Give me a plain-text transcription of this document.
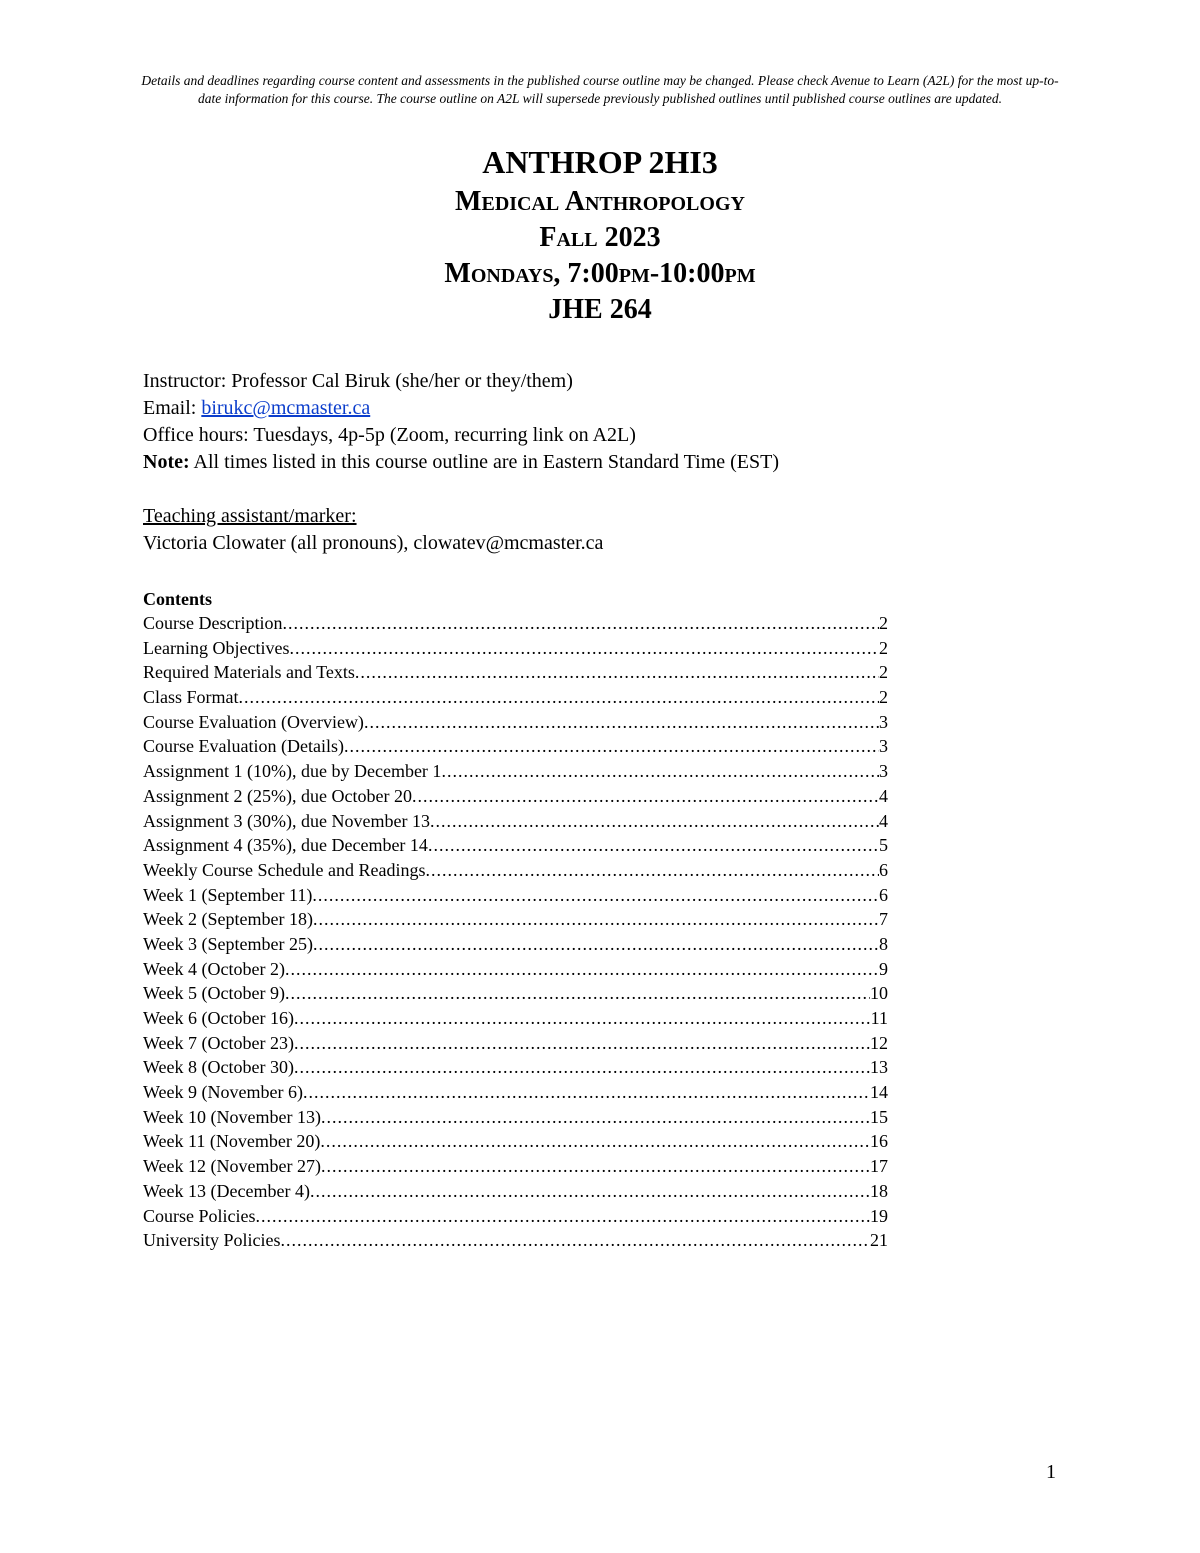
Details and deadlines regarding course content and assessments in the published course outline may be changed. Please check Avenue to Learn (A2L) for the most up-to-date information for this course. The course outline on A2L will supersede previously published outlines until published course outlines are updated.
ANTHROP 2HI3
Medical Anthropology
Fall 2023
Mondays, 7:00pm-10:00pm
JHE 264
Instructor: Professor Cal Biruk (she/her or they/them)
Email: birukc@mcmaster.ca
Office hours: Tuesdays, 4p-5p (Zoom, recurring link on A2L)
Note: All times listed in this course outline are in Eastern Standard Time (EST)
Teaching assistant/marker:
Victoria Clowater (all pronouns), clowatev@mcmaster.ca
Contents
Course Description .....	2
Learning Objectives .....	2
Required Materials and Texts .....	2
Class Format .....	2
Course Evaluation (Overview) .....	3
Course Evaluation (Details) .....	3
Assignment 1 (10%), due by December 1 .....	3
Assignment 2 (25%), due October 20 .....	4
Assignment 3 (30%), due November 13 .....	4
Assignment 4 (35%), due December 14 .....	5
Weekly Course Schedule and Readings .....	6
Week 1 (September 11) .....	6
Week 2 (September 18) .....	7
Week 3 (September 25) .....	8
Week 4 (October 2) .....	9
Week 5 (October 9) .....	10
Week 6 (October 16) .....	11
Week 7 (October 23) .....	12
Week 8 (October 30) .....	13
Week 9 (November 6) .....	14
Week 10 (November 13) .....	15
Week 11 (November 20) .....	16
Week 12 (November 27) .....	17
Week 13 (December 4) .....	18
Course Policies .....	19
University Policies .....	21
1
